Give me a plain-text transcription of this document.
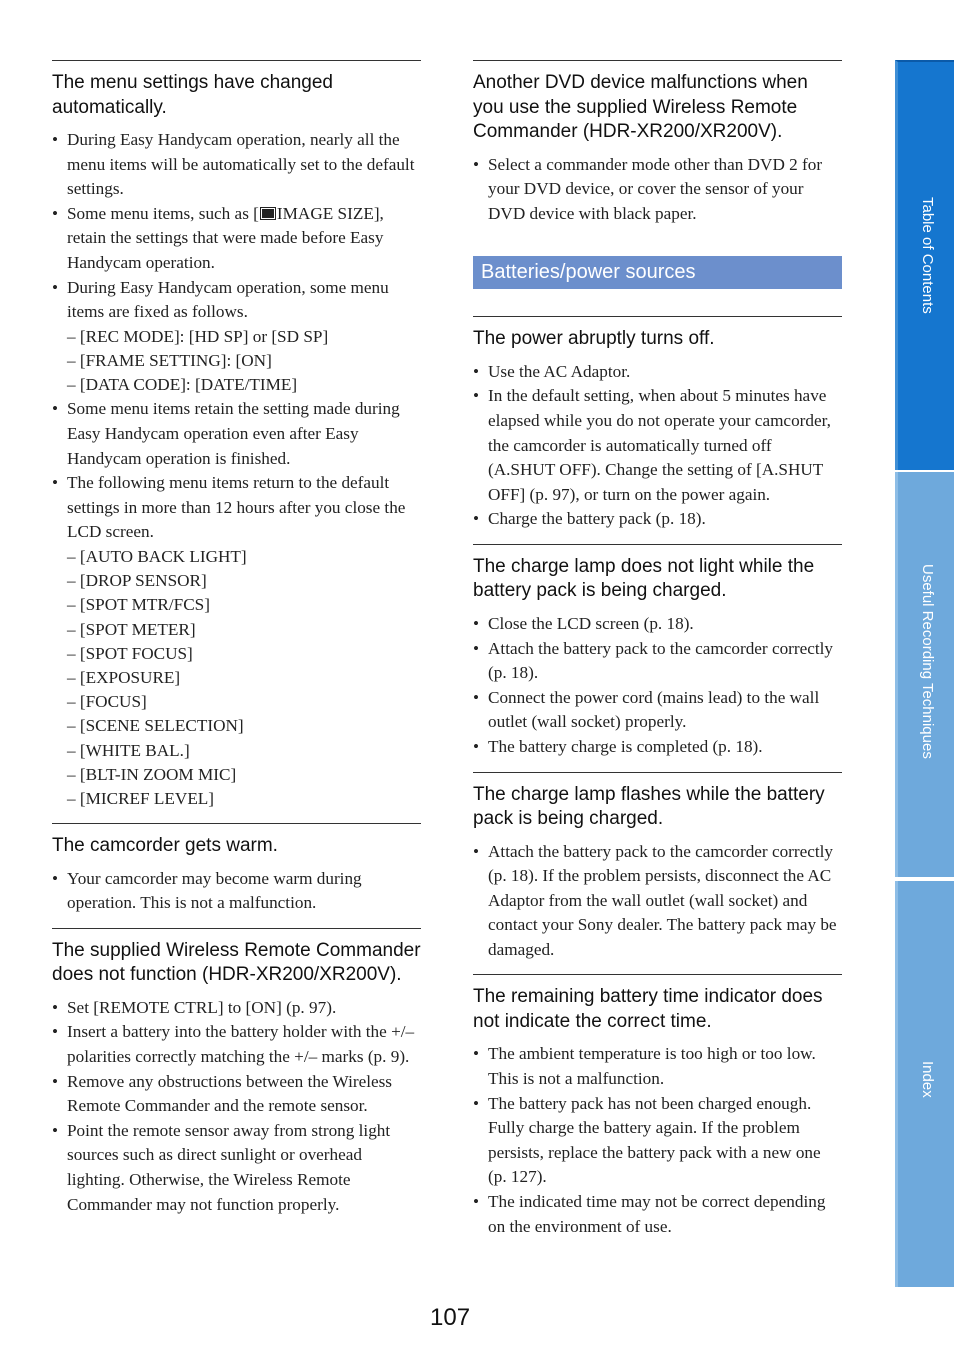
The menu settings have changed automatically.
• During Easy Handycam operation, nearly all the menu items will be automatically set to the default settings.
• Some menu items, such as [ IMAGE SIZE], retain the settings that were made before Easy Handycam operation.
• During Easy Handycam operation, some menu items are fixed as follows.
– [REC MODE]: [HD SP] or [SD SP]
– [FRAME SETTING]: [ON]
– [DATA CODE]: [DATE/TIME]
• Some menu items retain the setting made during Easy Handycam operation even after Easy Handycam operation is finished.
• The following menu items return to the default settings in more than 12 hours after you close the LCD screen.
– [AUTO BACK LIGHT]
– [DROP SENSOR]
– [SPOT MTR/FCS]
– [SPOT METER]
– [SPOT FOCUS]
– [EXPOSURE]
– [FOCUS]
– [SCENE SELECTION]
– [WHITE BAL.]
– [BLT-IN ZOOM MIC]
– [MICREF LEVEL]
The camcorder gets warm.
• Your camcorder may become warm during operation. This is not a malfunction.
The supplied Wireless Remote Commander does not function (HDR-XR200/XR200V).
• Set [REMOTE CTRL] to [ON] (p. 97).
• Insert a battery into the battery holder with the +/– polarities correctly matching the +/– marks (p. 9).
• Remove any obstructions between the Wireless Remote Commander and the remote sensor.
• Point the remote sensor away from strong light sources such as direct sunlight or overhead lighting. Otherwise, the Wireless Remote Commander may not function properly.
Another DVD device malfunctions when you use the supplied Wireless Remote Commander (HDR-XR200/XR200V).
• Select a commander mode other than DVD 2 for your DVD device, or cover the sensor of your DVD device with black paper.
Batteries/power sources
The power abruptly turns off.
• Use the AC Adaptor.
• In the default setting, when about 5 minutes have elapsed while you do not operate your camcorder, the camcorder is automatically turned off (A.SHUT OFF). Change the setting of [A.SHUT OFF] (p. 97), or turn on the power again.
• Charge the battery pack (p. 18).
The charge lamp does not light while the battery pack is being charged.
• Close the LCD screen (p. 18).
• Attach the battery pack to the camcorder correctly (p. 18).
• Connect the power cord (mains lead) to the wall outlet (wall socket) properly.
• The battery charge is completed (p. 18).
The charge lamp flashes while the battery pack is being charged.
• Attach the battery pack to the camcorder correctly (p. 18). If the problem persists, disconnect the AC Adaptor from the wall outlet (wall socket) and contact your Sony dealer. The battery pack may be damaged.
The remaining battery time indicator does not indicate the correct time.
• The ambient temperature is too high or too low. This is not a malfunction.
• The battery pack has not been charged enough. Fully charge the battery again. If the problem persists, replace the battery pack with a new one (p. 127).
• The indicated time may not be correct depending on the environment of use.
Table of Contents
Useful Recording Techniques
Index
107
